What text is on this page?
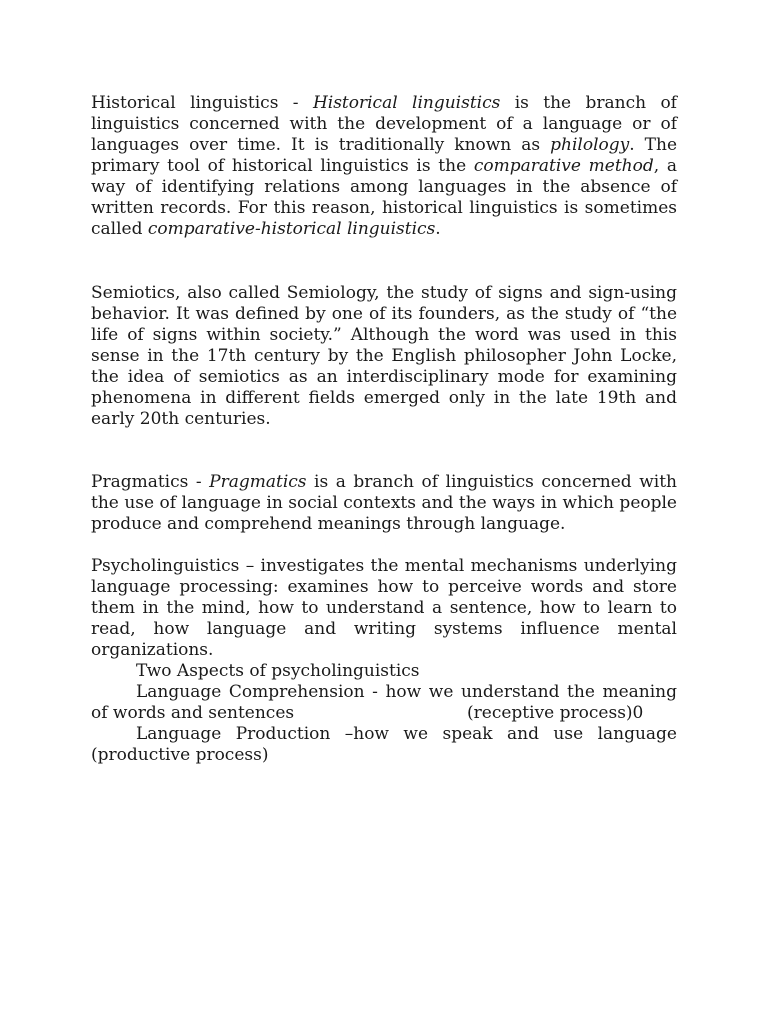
Historical linguistics - Historical linguistics is the branch of linguistics concerned with the development of a language or of languages over time. It is traditionally known as philology. The primary tool of historical linguistics is the comparative method, a way of identifying relations among languages in the absence of written records. For this reason, historical linguistics is sometimes called comparative-historical linguistics.

Semiotics, also called Semiology, the study of signs and sign-using behavior. It was defined by one of its founders, as the study of “the life of signs within society.” Although the word was used in this sense in the 17th century by the English philosopher John Locke, the idea of semiotics as an interdisciplinary mode for examining phenomena in different fields emerged only in the late 19th and early 20th centuries.

Pragmatics - Pragmatics is a branch of linguistics concerned with the use of language in social contexts and the ways in which people produce and comprehend meanings through language.

Psycholinguistics – investigates the mental mechanisms underlying language processing: examines how to perceive words and store them in the mind, how to understand a sentence, how to learn to read, how language and writing systems influence mental organizations.

Two Aspects of psycholinguistics

Language Comprehension - how we understand the meaning of words and sentences                                (receptive process)0

Language Production –how we speak and use language (productive process)
